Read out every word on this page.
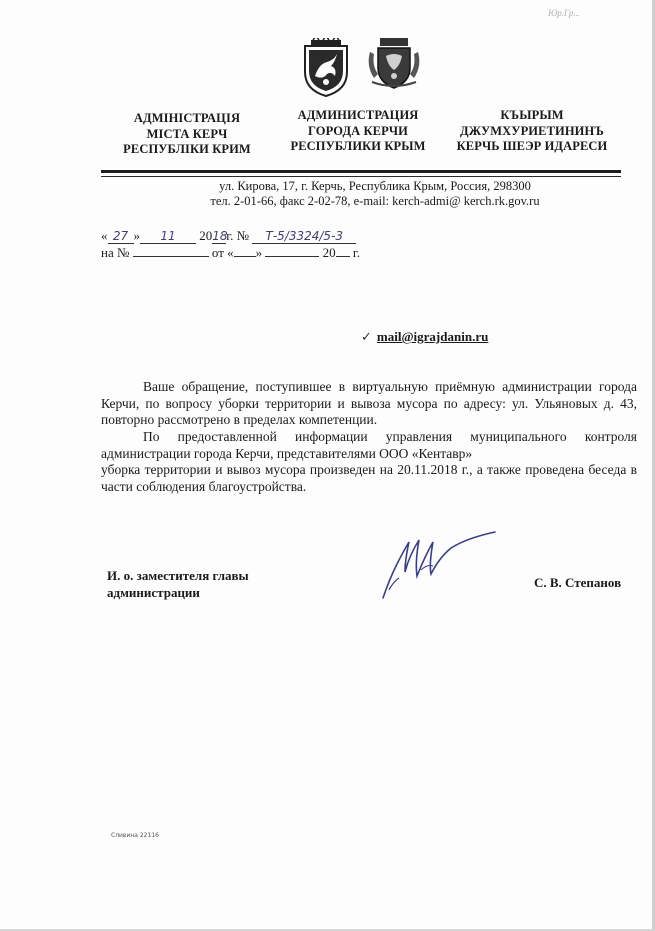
Юр.Гр...
АДМІНІСТРАЦІЯ
МІСТА КЕРЧ
РЕСПУБЛІКИ КРИМ
АДМИНИСТРАЦИЯ
ГОРОДА КЕРЧИ
РЕСПУБЛИКИ КРЫМ
КЪЫРЫМ
ДЖУМХУРИЕТИНИНЪ
КЕРЧЬ ШЕЭР ИДАРЕСИ
ул. Кирова, 17, г. Керчь, Республика Крым, Россия, 298300
тел. 2-01-66, факс 2-02-78, e-mail: kerch-admi@ kerch.rk.gov.ru
« 27 » 11 2018г. № Т-5/3324/5-3
на №	от « »	20 г.
✓ mail@igrajdanin.ru
Ваше обращение, поступившее в виртуальную приёмную администрации города Керчи, по вопросу уборки территории и вывоза мусора по адресу: ул. Ульяновых д. 43, повторно рассмотрено в пределах компетенции.
По предоставленной информации управления муниципального контроля администрации города Керчи, представителями ООО «Кентавр»
уборка территории и вывоз мусора произведен на 20.11.2018 г., а также проведена беседа в части соблюдения благоустройства.
И. о. заместителя главы
администрации
С. В. Степанов
Сливина 22116
